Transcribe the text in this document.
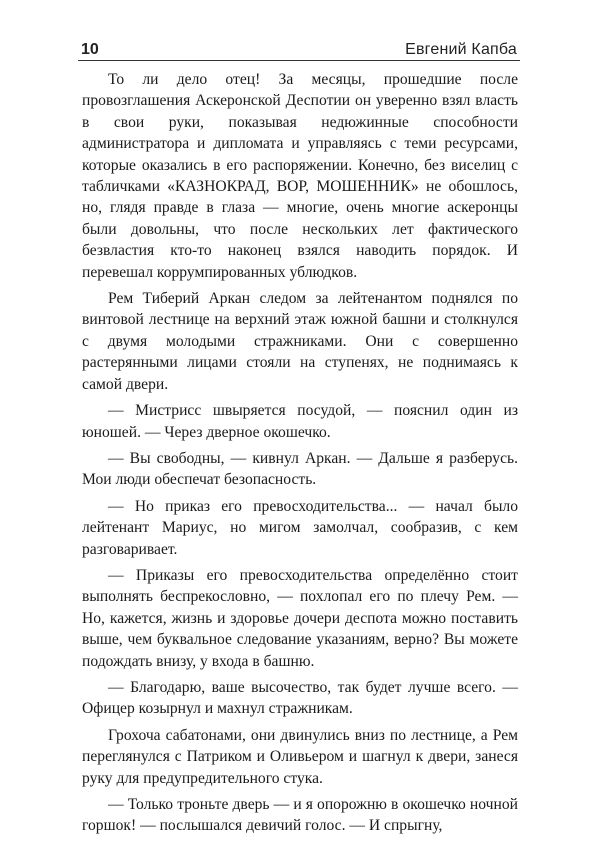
10	Евгений Капба

То ли дело отец! За месяцы, прошедшие после провозглашения Аскеронской Деспотии он уверенно взял власть в свои руки, показывая недюжинные способности администратора и дипломата и управляясь с теми ресурсами, которые оказались в его распоряжении. Конечно, без виселиц с табличками «КАЗНОКРАД, ВОР, МОШЕННИК» не обошлось, но, глядя правде в глаза — многие, очень многие аскеронцы были довольны, что после нескольких лет фактического безвластия кто-то наконец взялся наводить порядок. И перевешал коррумпированных ублюдков.

Рем Тиберий Аркан следом за лейтенантом поднялся по винтовой лестнице на верхний этаж южной башни и столкнулся с двумя молодыми стражниками. Они с совершенно растерянными лицами стояли на ступенях, не поднимаясь к самой двери.

— Мистрисс швыряется посудой, — пояснил один из юношей. — Через дверное окошечко.

— Вы свободны, — кивнул Аркан. — Дальше я разберусь. Мои люди обеспечат безопасность.

— Но приказ его превосходительства... — начал было лейтенант Мариус, но мигом замолчал, сообразив, с кем разговаривает.

— Приказы его превосходительства определённо стоит выполнять беспрекословно, — похлопал его по плечу Рем. — Но, кажется, жизнь и здоровье дочери деспота можно поставить выше, чем буквальное следование указаниям, верно? Вы можете подождать внизу, у входа в башню.

— Благодарю, ваше высочество, так будет лучше всего. — Офицер козырнул и махнул стражникам.

Грохоча сабатонами, они двинулись вниз по лестнице, а Рем переглянулся с Патриком и Оливьером и шагнул к двери, занеся руку для предупредительного стука.

— Только троньте дверь — и я опорожню в окошечко ночной горшок! — послышался девичий голос. — И спрыгну,
